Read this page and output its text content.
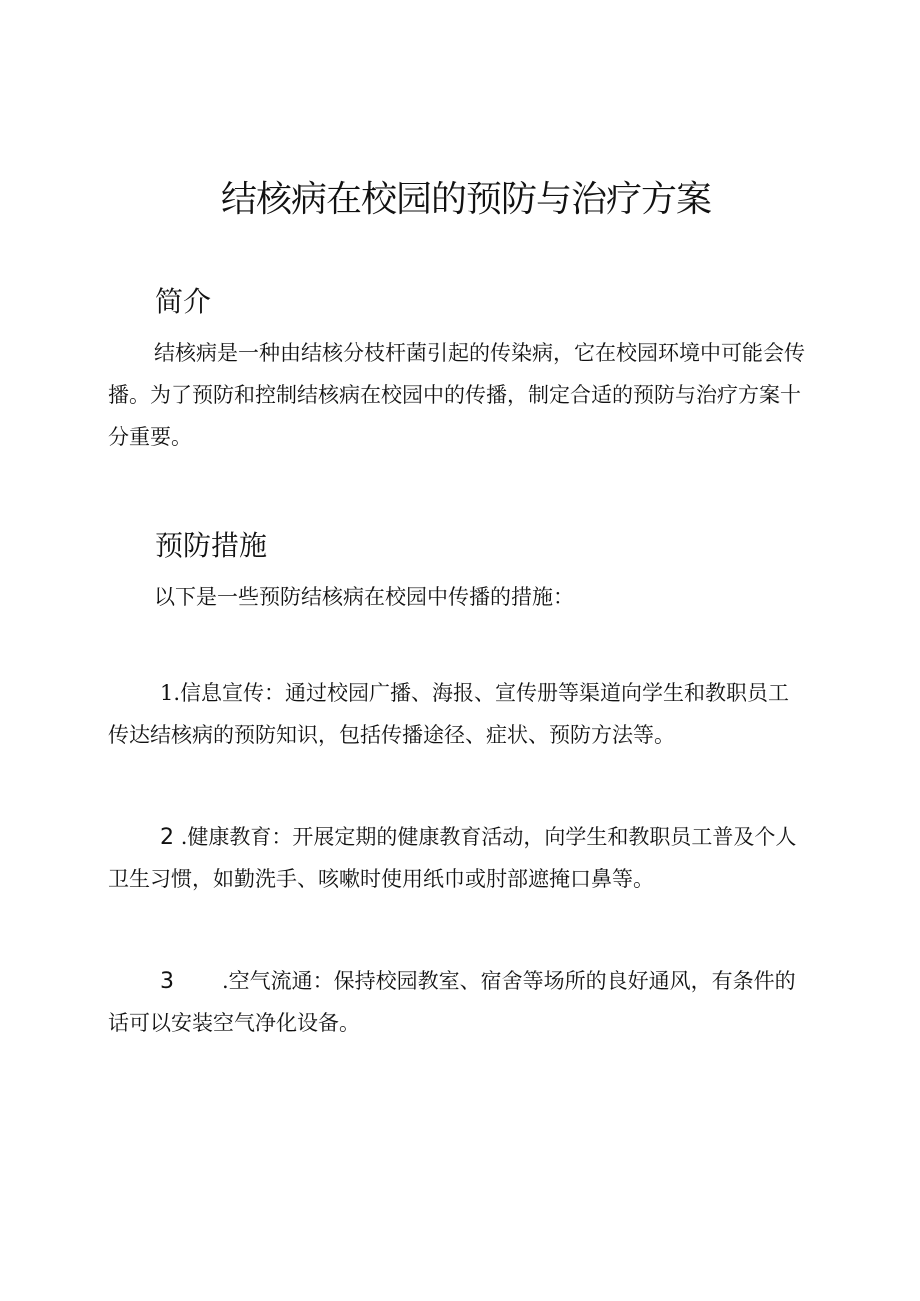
结核病在校园的预防与治疗方案
简介
结核病是一种由结核分枝杆菌引起的传染病，它在校园环境中可能会传
播。为了预防和控制结核病在校园中的传播，制定合适的预防与治疗方案十
分重要。
预防措施
以下是一些预防结核病在校园中传播的措施：
1.信息宣传：通过校园广播、海报、宣传册等渠道向学生和教职员工
传达结核病的预防知识，包括传播途径、症状、预防方法等。
2 .健康教育：开展定期的健康教育活动，向学生和教职员工普及个人
卫生习惯，如勤洗手、咳嗽时使用纸巾或肘部遮掩口鼻等。
3 .空气流通：保持校园教室、宿舍等场所的良好通风，有条件的
话可以安装空气净化设备。
